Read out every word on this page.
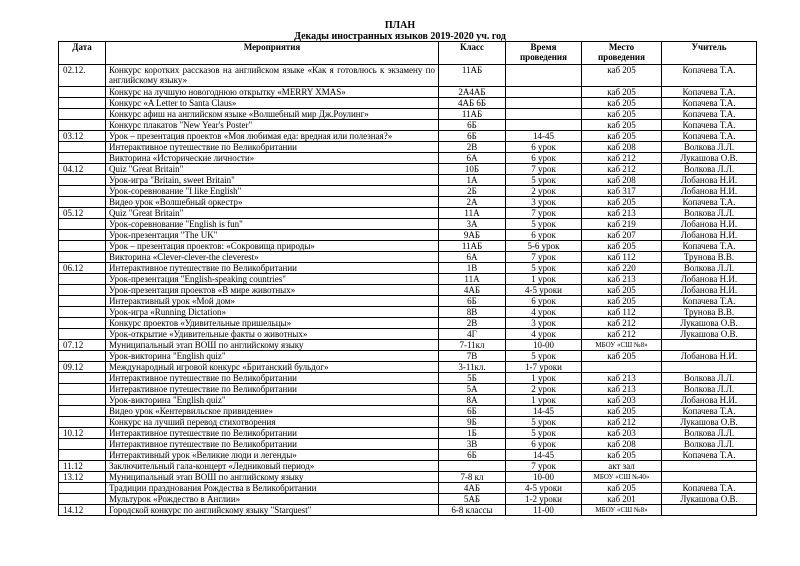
ПЛАН
Декады иностранных языков 2019-2020 уч. год
Дата	Мероприятия	Класс	Время проведения	Место проведения	Учитель
02.12.	Конкурс коротких рассказов на английском языке «Как я готовлюсь к экзамену по английскому языку»	11АБ		каб 205	Копачева Т.А.
	Конкурс на лучшую новогоднюю открытку «MERRY XMAS»	2А4АБ		каб 205	Копачева Т.А.
	Конкурс «A Letter to Santa Claus»	4АБ 6Б		каб 205	Копачева Т.А.
	Конкурс афиш на английском языке «Волшебный мир Дж.Роулинг»	11АБ		каб 205	Копачева Т.А.
	Конкурс плакатов "New Year's Poster"	6Б		каб 205	Копачева Т.А.
03.12	Урок – презентация проектов «Моя любимая еда: вредная или полезная?»	6Б	14-45	каб 205	Копачева Т.А.
	Интерактивное путешествие по Великобритании	2В	6 урок	каб 208	Волкова Л.Л.
	Викторина «Исторические личности»	6А	6 урок	каб 212	Лукашова О.В.
04.12	Quiz "Great Britain"	10Б	7 урок	каб 212	Волкова Л.Л.
	Урок-игра "Britain, sweet Britain"	1А	5 урок	каб 208	Лобанова Н.И.
	Урок-соревнование "I like English"	2Б	2 урок	каб 317	Лобанова Н.И.
	Видео урок «Волшебный оркестр»	2А	3 урок	каб 205	Копачева Т.А.
05.12	Quiz "Great Britain"	11А	7 урок	каб 213	Волкова Л.Л.
	Урок-соревнование "English is fun"	3А	5 урок	каб 219	Лобанова Н.И.
	Урок-презентация "The UK"	9АБ	6 урок	каб 207	Лобанова Н.И.
	Урок – презентация проектов: «Сокровища природы»	11АБ	5-6 урок	каб 205	Копачева Т.А.
	Викторина «Clever-clever-the cleverest»	6А	7 урок	каб 112	Трунова В.В.
06.12	Интерактивное путешествие по Великобритании	1В	5 урок	каб 220	Волкова Л.Л.
	Урок-презентация "English-speaking countries"	11А	1 урок	каб 213	Лобанова Н.И.
	Урок-презентация проектов «В мире животных»	4АБ	4-5 уроки	каб 205	Лобанова Н.И.
	Интерактивный урок «Мой дом»	6Б	6 урок	каб 205	Копачева Т.А.
	Урок-игра «Running Dictation»	8В	4 урок	каб 112	Трунова В.В.
	Конкурс проектов «Удивительные пришельцы»	2В	3 урок	каб 212	Лукашова О.В.
	Урок-открытие «Удивительные факты о животных»	4Г	4 урок	каб 212	Лукашова О.В.
07.12	Муниципальный этап ВОШ по английскому языку	7-11кл	10-00	МБОУ «СШ №8»	
	Урок-викторина "English quiz"	7В	5 урок	каб 205	Лобанова Н.И.
09.12	Международный игровой конкурс «Британский бульдог»	3-11кл.	1-7 уроки		
	Интерактивное путешествие по Великобритании	5Б	1 урок	каб 213	Волкова Л.Л.
	Интерактивное путешествие по Великобритании	5А	2 урок	каб 213	Волкова Л.Л.
	Урок-викторина "English quiz"	8А	1 урок	каб 203	Лобанова Н.И.
	Видео урок «Кентервильское привидение»	6Б	14-45	каб 205	Копачева Т.А.
	Конкурс на лучший перевод стихотворения	9Б	5 урок	каб 212	Лукашова О.В.
10.12	Интерактивное путешествие по Великобритании	1Б	5 урок	каб 203	Волкова Л.Л.
	Интерактивное путешествие по Великобритании	3В	6 урок	каб 208	Волкова Л.Л.
	Интерактивный урок «Великие люди и легенды»	6Б	14-45	каб 205	Копачева Т.А.
11.12	Заключительный гала-концерт «Ледниковый период»		7 урок	акт зал	
13.12	Муниципальный этап ВОШ по английскому языку	7-8 кл	10-00	МБОУ «СШ №40»	
	Традиции празднования Рождества в Великобритании	4АБ	4-5 уроки	каб 205	Копачева Т.А.
	Мультурок «Рождество в Англии»	5АБ	1-2 уроки	каб 201	Лукашова О.В.
14.12	Городской конкурс по английскому языку "Starquest"	6-8 классы	11-00	МБОУ «СШ №8»	
